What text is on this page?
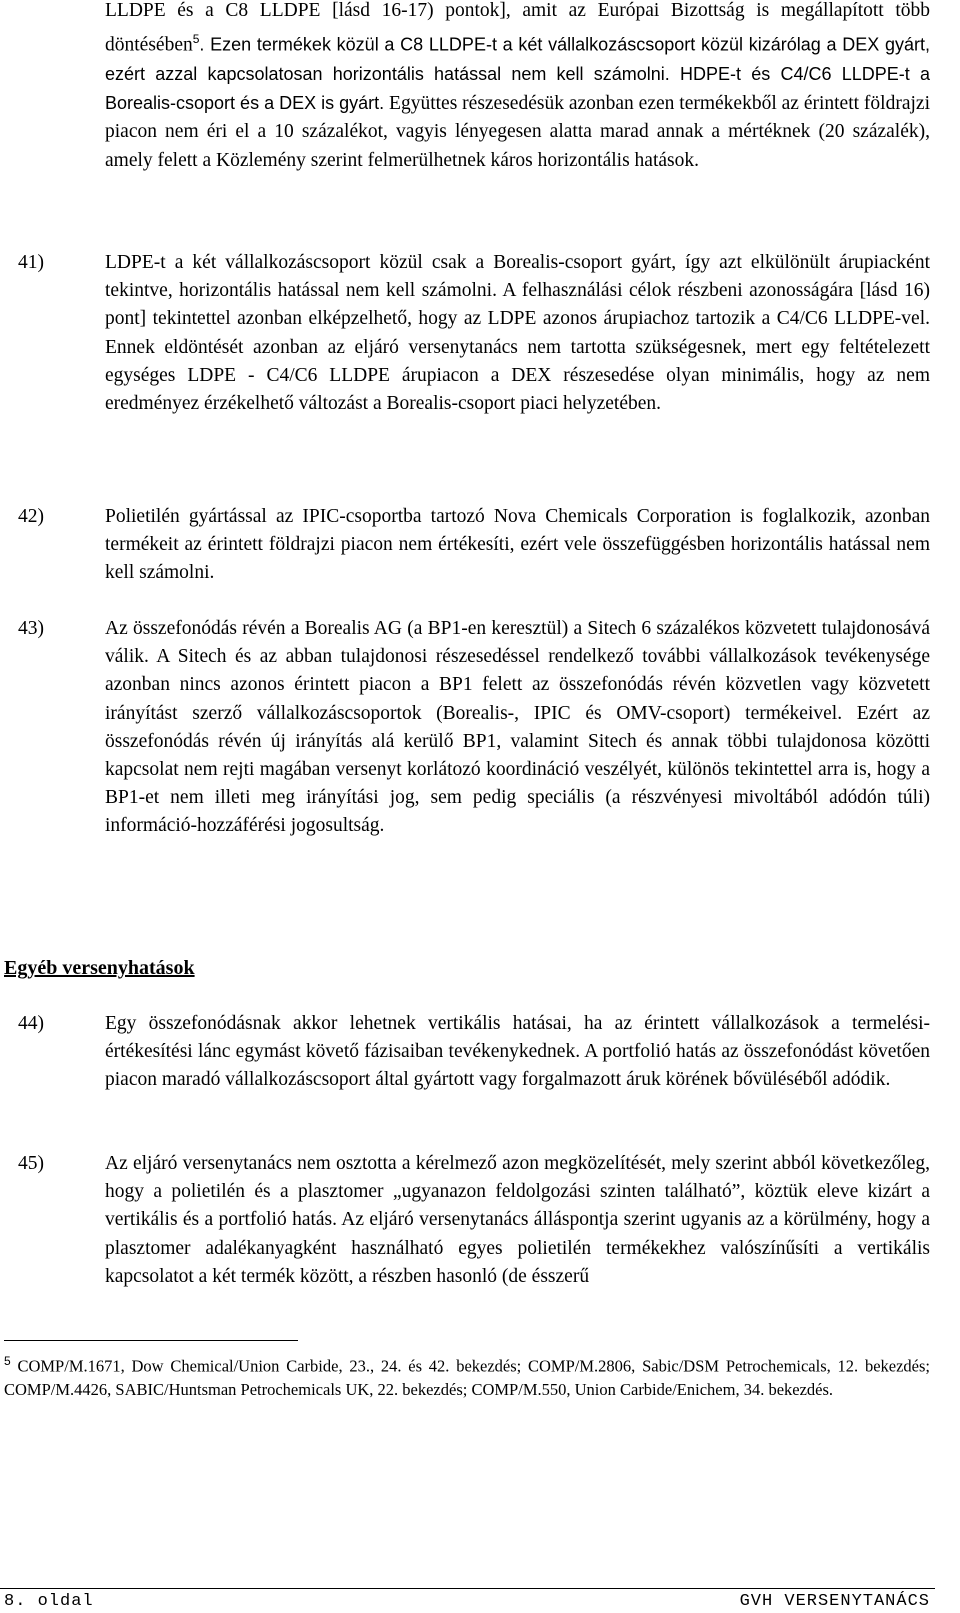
LLDPE és a C8 LLDPE [lásd 16-17) pontok], amit az Európai Bizottság is megállapított több döntésében$^5$. Ezen termékek közül a C8 LLDPE-t a két vállalkozáscsoport közül kizárólag a DEX gyárt, ezért azzal kapcsolatosan horizontális hatással nem kell számolni. HDPE-t és C4/C6 LLDPE-t a Borealis-csoport és a DEX is gyárt. Együttes részesedésük azonban ezen termékekből az érintett földrajzi piacon nem éri el a 10 százalékot, vagyis lényegesen alatta marad annak a mértéknek (20 százalék), amely felett a Közlemény szerint felmerülhetnek káros horizontális hatások.

41)	LDPE-t a két vállalkozáscsoport közül csak a Borealis-csoport gyárt, így azt elkülönült árupiacként tekintve, horizontális hatással nem kell számolni. A felhasználási célok részbeni azonosságára [lásd 16) pont] tekintettel azonban elképzelhető, hogy az LDPE azonos árupiachoz tartozik a C4/C6 LLDPE-vel. Ennek eldöntését azonban az eljáró versenytanács nem tartotta szükségesnek, mert egy feltételezett egységes LDPE - C4/C6 LLDPE árupiacon a DEX részesedése olyan minimális, hogy az nem eredményez érzékelhető változást a Borealis-csoport piaci helyzetében.

42)	Polietilén gyártással az IPIC-csoportba tartozó Nova Chemicals Corporation is foglalkozik, azonban termékeit az érintett földrajzi piacon nem értékesíti, ezért vele összefüggésben horizontális hatással nem kell számolni.

43)	Az összefonódás révén a Borealis AG (a BP1-en keresztül) a Sitech 6 százalékos közvetett tulajdonosává válik. A Sitech és az abban tulajdonosi részesedéssel rendelkező további vállalkozások tevékenysége azonban nincs azonos érintett piacon a BP1 felett az összefonódás révén közvetlen vagy közvetett irányítást szerző vállalkozáscsoportok (Borealis-, IPIC és OMV-csoport) termékeivel. Ezért az összefonódás révén új irányítás alá kerülő BP1, valamint Sitech és annak többi tulajdonosa közötti kapcsolat nem rejti magában versenyt korlátozó koordináció veszélyét, különös tekintettel arra is, hogy a BP1-et nem illeti meg irányítási jog, sem pedig speciális (a részvényesi mivoltából adódón túli) információ-hozzáférési jogosultság.

Egyéb versenyhatások

44)	Egy összefonódásnak akkor lehetnek vertikális hatásai, ha az érintett vállalkozások a termelési-értékesítési lánc egymást követő fázisaiban tevékenykednek. A portfolió hatás az összefonódást követően piacon maradó vállalkozáscsoport által gyártott vagy forgalmazott áruk körének bővüléséből adódik.

45)	Az eljáró versenytanács nem osztotta a kérelmező azon megközelítését, mely szerint abból következőleg, hogy a polietilén és a plasztomer „ugyanazon feldolgozási szinten található”, köztük eleve kizárt a vertikális és a portfolió hatás. Az eljáró versenytanács álláspontja szerint ugyanis az a körülmény, hogy a plasztomer adalékanyagként használható egyes polietilén termékekhez valószínűsíti a vertikális kapcsolatot a két termék között, a részben hasonló (de ésszerű

$^5$ COMP/M.1671, Dow Chemical/Union Carbide, 23., 24. és 42. bekezdés; COMP/M.2806, Sabic/DSM Petrochemicals, 12. bekezdés; COMP/M.4426, SABIC/Huntsman Petrochemicals UK, 22. bekezdés; COMP/M.550, Union Carbide/Enichem, 34. bekezdés.

8. oldal	GVH VERSENYTANÁCS
